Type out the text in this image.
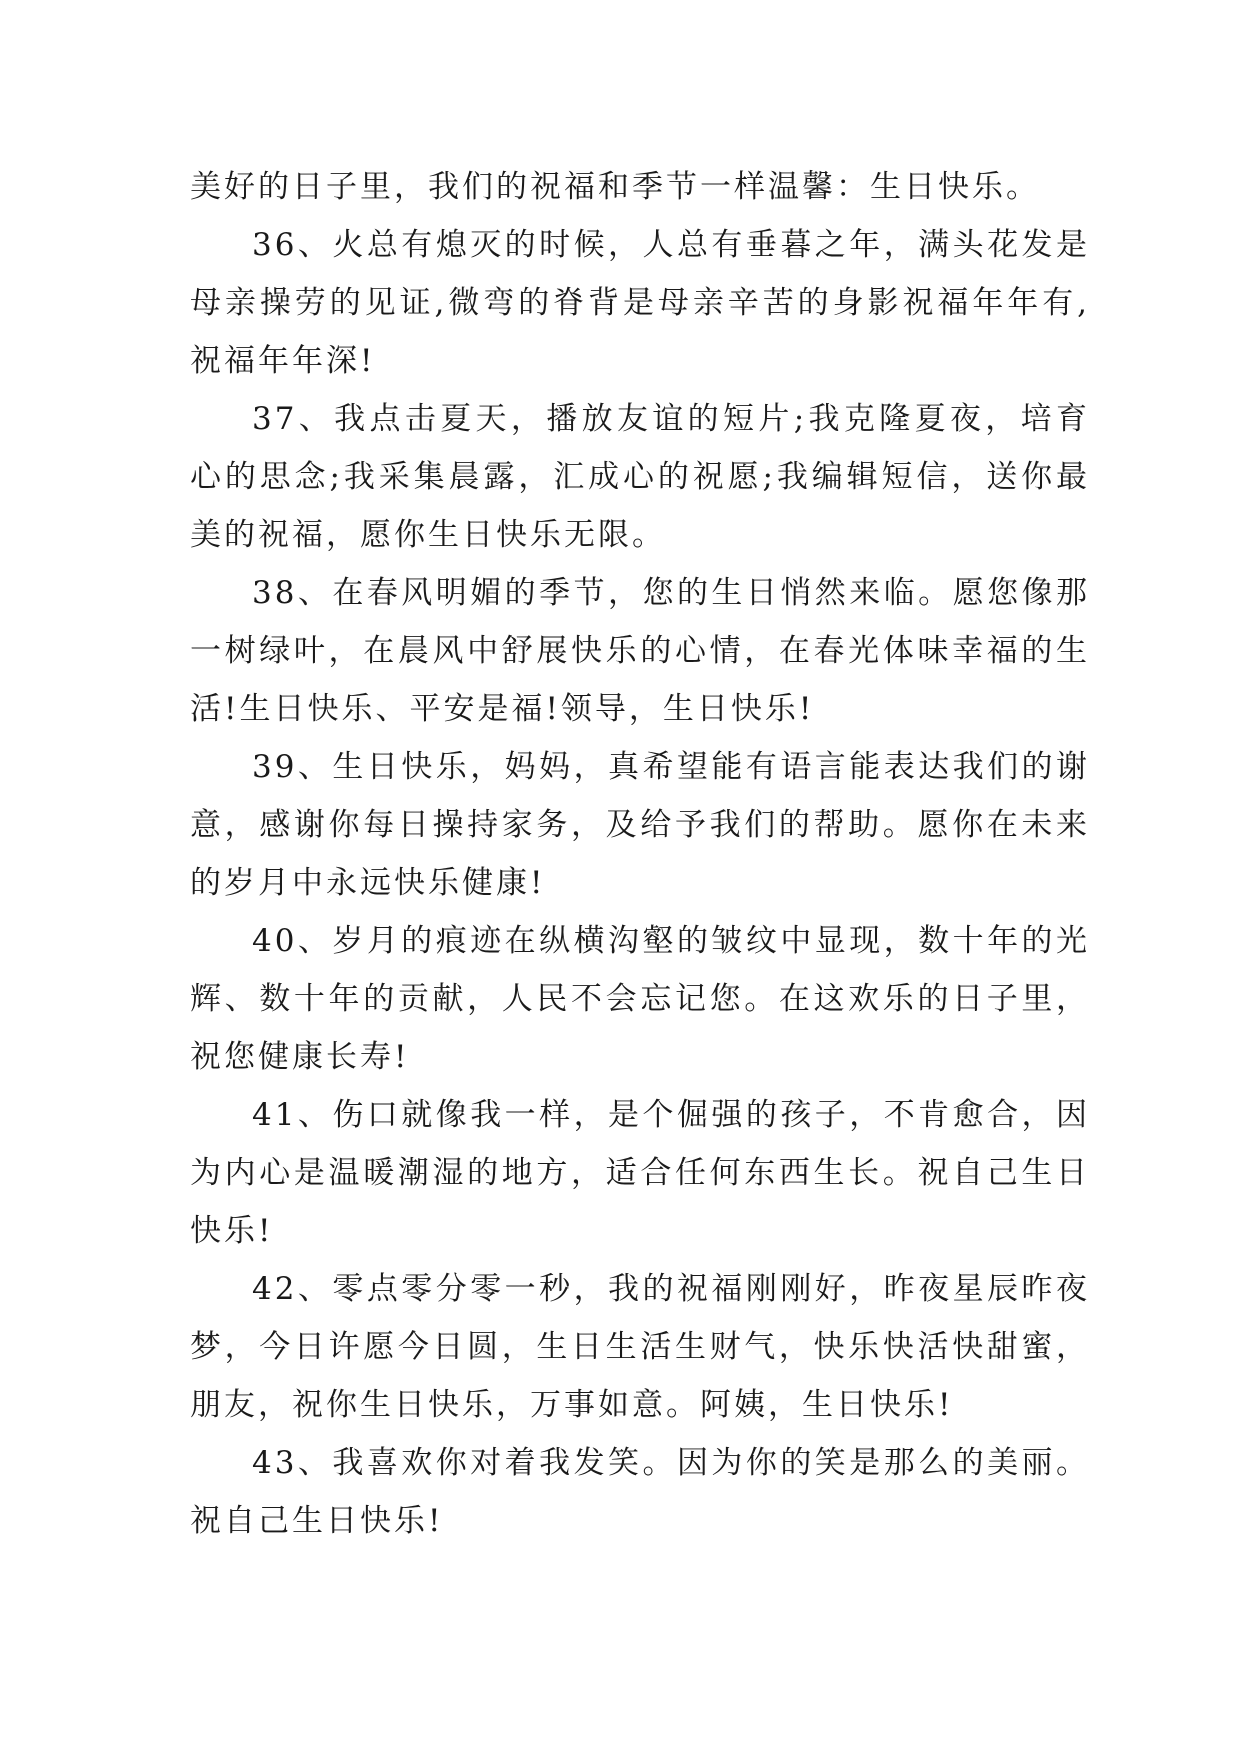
美好的日子里，我们的祝福和季节一样温馨：生日快乐。

36、火总有熄灭的时候，人总有垂暮之年，满头花发是母亲操劳的见证,微弯的脊背是母亲辛苦的身影祝福年年有,祝福年年深!

37、我点击夏天，播放友谊的短片;我克隆夏夜，培育心的思念;我采集晨露，汇成心的祝愿;我编辑短信，送你最美的祝福，愿你生日快乐无限。

38、在春风明媚的季节，您的生日悄然来临。愿您像那一树绿叶，在晨风中舒展快乐的心情，在春光体味幸福的生活!生日快乐、平安是福!领导，生日快乐!

39、生日快乐，妈妈，真希望能有语言能表达我们的谢意，感谢你每日操持家务，及给予我们的帮助。愿你在未来的岁月中永远快乐健康!

40、岁月的痕迹在纵横沟壑的皱纹中显现，数十年的光辉、数十年的贡献，人民不会忘记您。在这欢乐的日子里，祝您健康长寿!

41、伤口就像我一样，是个倔强的孩子，不肯愈合，因为内心是温暖潮湿的地方，适合任何东西生长。祝自己生日快乐!

42、零点零分零一秒，我的祝福刚刚好，昨夜星辰昨夜梦，今日许愿今日圆，生日生活生财气，快乐快活快甜蜜，朋友，祝你生日快乐，万事如意。阿姨，生日快乐!

43、我喜欢你对着我发笑。因为你的笑是那么的美丽。祝自己生日快乐!
